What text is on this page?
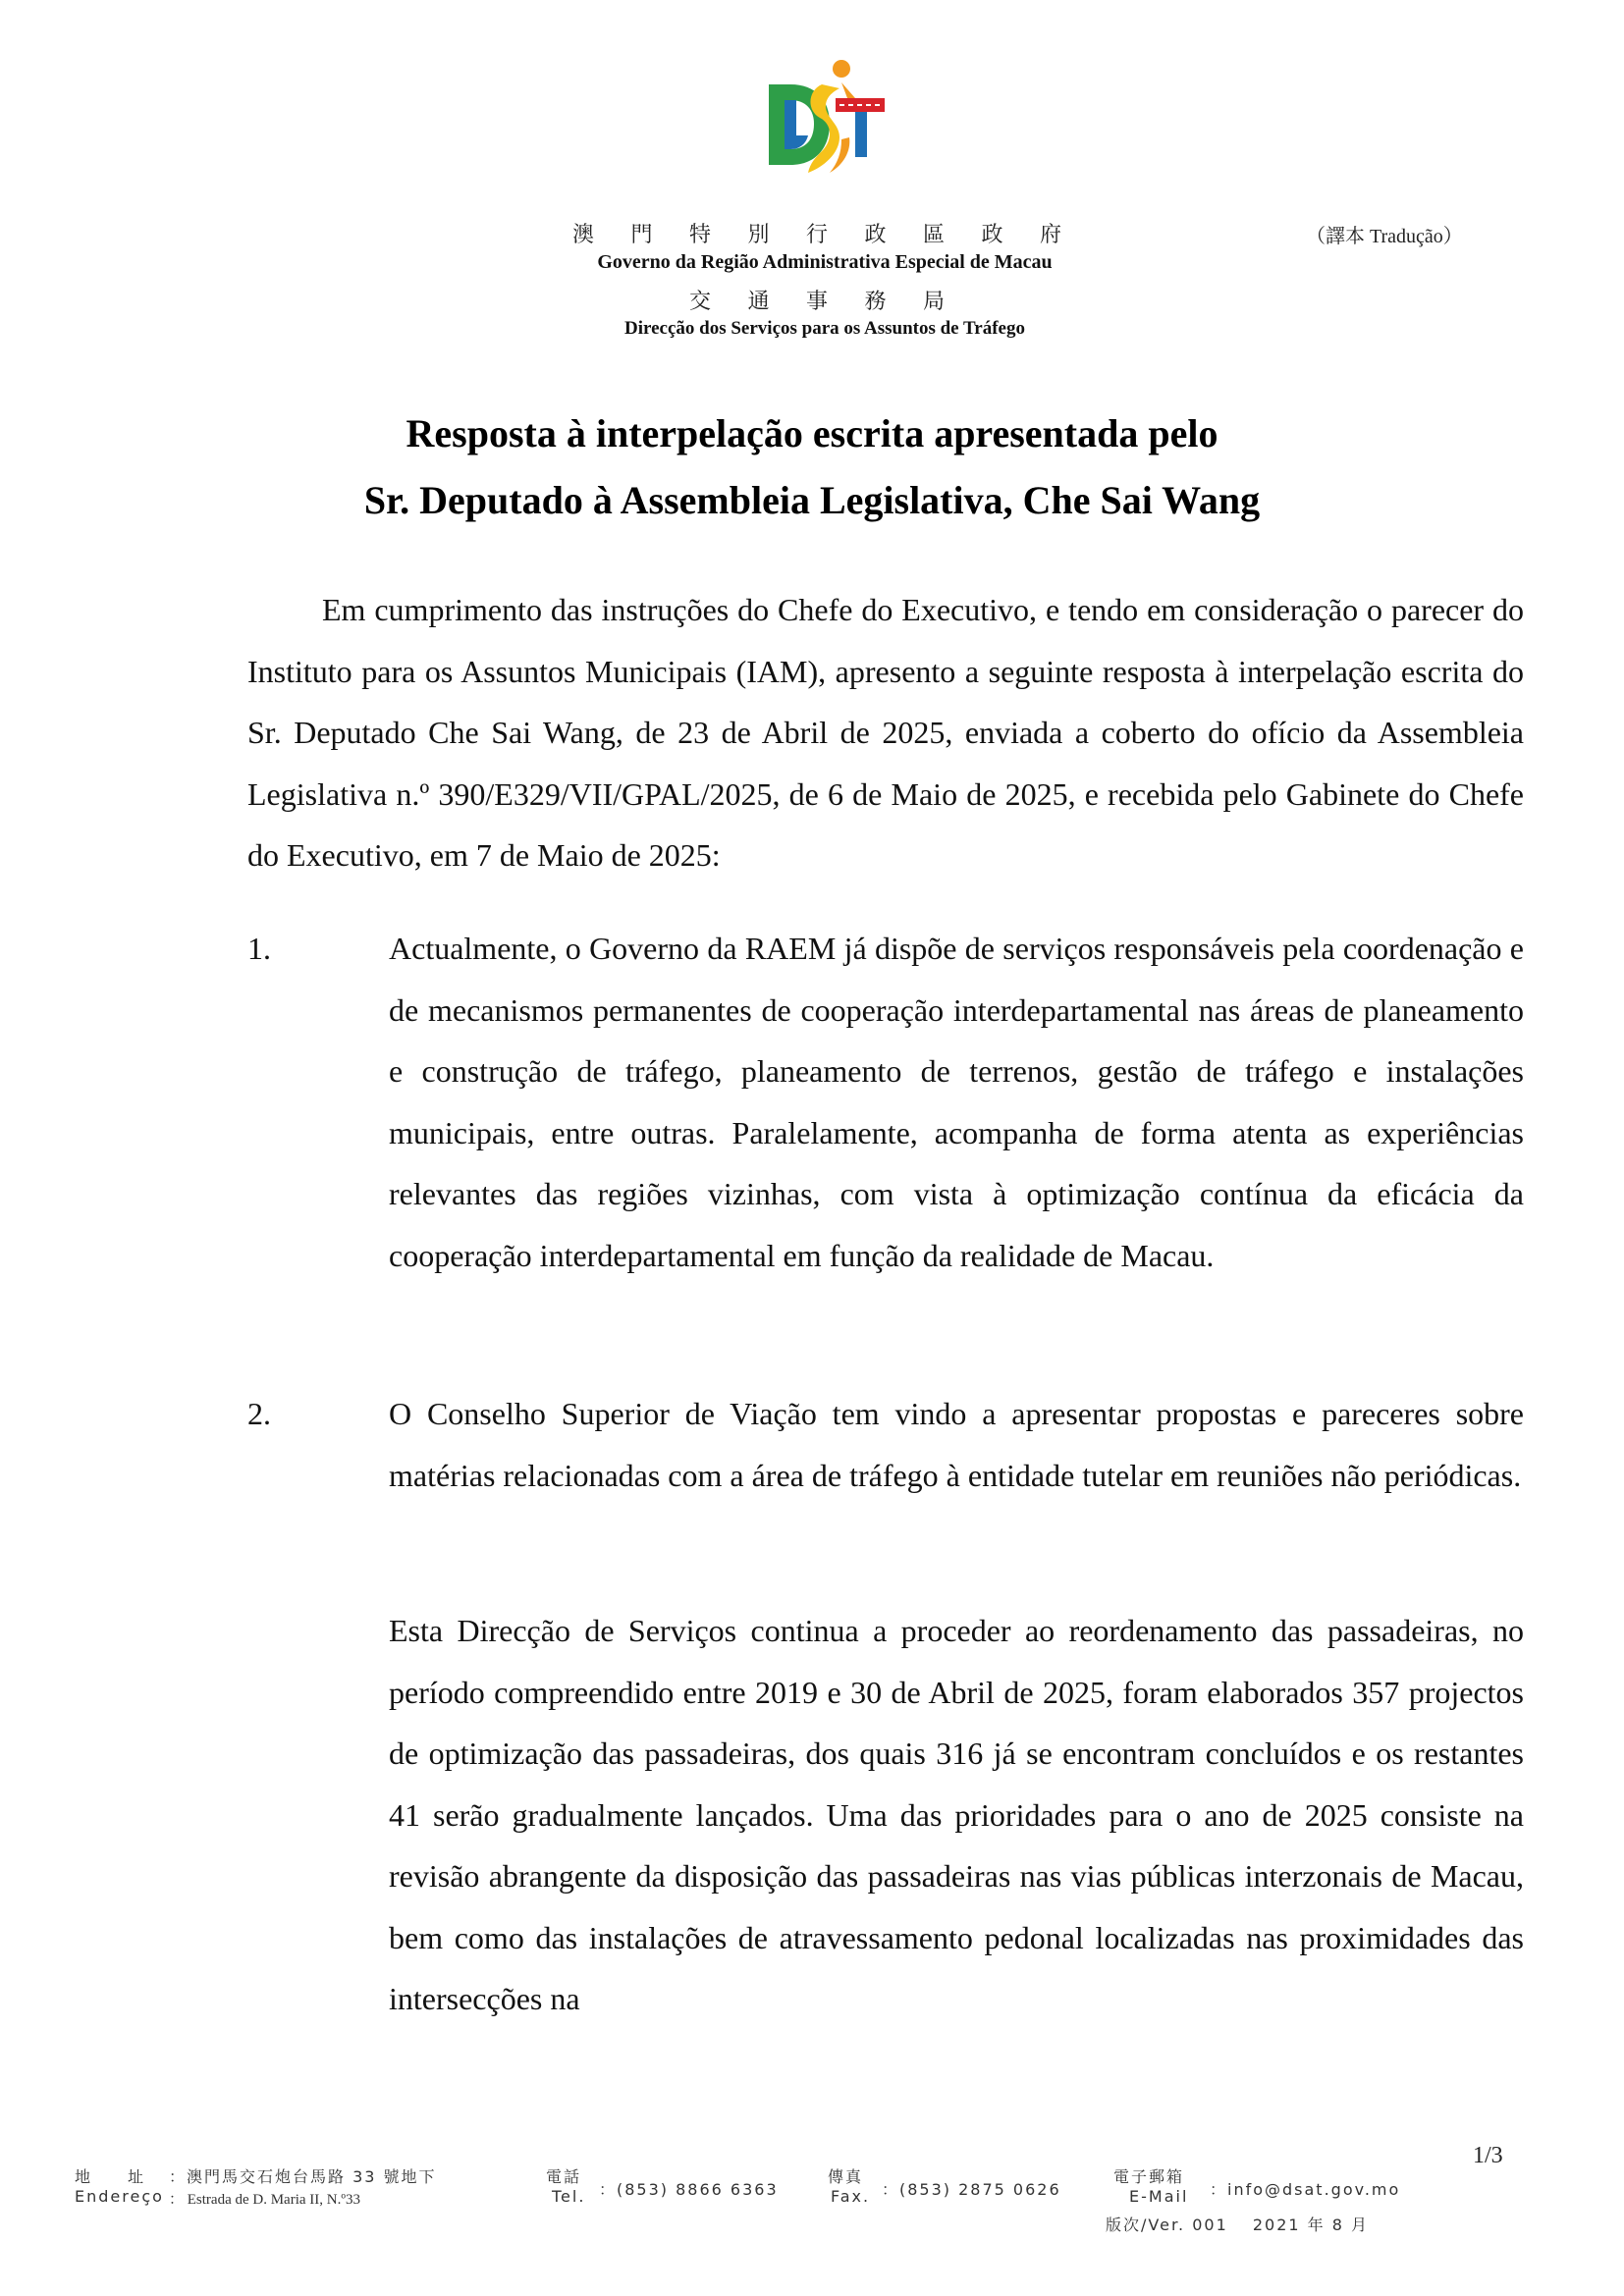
澳 門 特 別 行 政 區 政 府
Governo da Região Administrativa Especial de Macau
交 通 事 務 局
Direcção dos Serviços para os Assuntos de Tráfego
（譯本 Tradução）
Resposta à interpelação escrita apresentada pelo
Sr. Deputado à Assembleia Legislativa, Che Sai Wang
Em cumprimento das instruções do Chefe do Executivo, e tendo em consideração o parecer do Instituto para os Assuntos Municipais (IAM), apresento a seguinte resposta à interpelação escrita do Sr. Deputado Che Sai Wang, de 23 de Abril de 2025, enviada a coberto do ofício da Assembleia Legislativa n.º 390/E329/VII/GPAL/2025, de 6 de Maio de 2025, e recebida pelo Gabinete do Chefe do Executivo, em 7 de Maio de 2025:
1.	Actualmente, o Governo da RAEM já dispõe de serviços responsáveis pela coordenação e de mecanismos permanentes de cooperação interdepartamental nas áreas de planeamento e construção de tráfego, planeamento de terrenos, gestão de tráfego e instalações municipais, entre outras. Paralelamente, acompanha de forma atenta as experiências relevantes das regiões vizinhas, com vista à optimização contínua da eficácia da cooperação interdepartamental em função da realidade de Macau.
2.	O Conselho Superior de Viação tem vindo a apresentar propostas e pareceres sobre matérias relacionadas com a área de tráfego à entidade tutelar em reuniões não periódicas.
Esta Direcção de Serviços continua a proceder ao reordenamento das passadeiras, no período compreendido entre 2019 e 30 de Abril de 2025, foram elaborados 357 projectos de optimização das passadeiras, dos quais 316 já se encontram concluídos e os restantes 41 serão gradualmente lançados. Uma das prioridades para o ano de 2025 consiste na revisão abrangente da disposição das passadeiras nas vias públicas interzonais de Macau, bem como das instalações de atravessamento pedonal localizadas nas proximidades das intersecções na
1/3
地　　址
Endereço
：澳門馬交石炮台馬路 33 號地下
： Estrada de D. Maria II, N.º33
電話
Tel. ：(853) 8866 6363
傳真
Fax. ：(853) 2875 0626
電子郵箱
E-Mail ：info@dsat.gov.mo
版次/Ver. 001　 2021 年 8 月
